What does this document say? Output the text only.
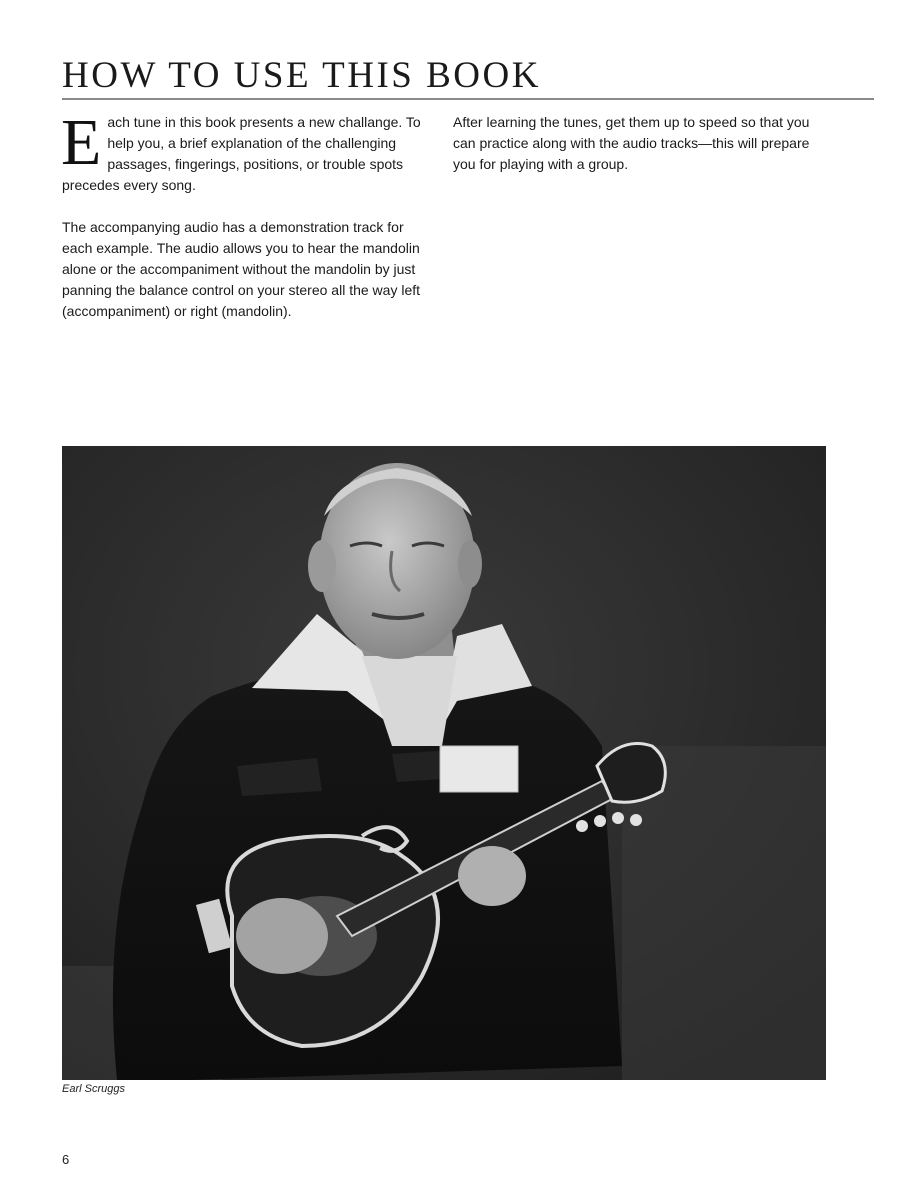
HOW TO USE THIS BOOK

Each tune in this book presents a new challange. To help you, a brief explanation of the challenging passages, fingerings, positions, or trouble spots precedes every song.

The accompanying audio has a demonstration track for each example. The audio allows you to hear the mandolin alone or the accompaniment without the mandolin by just panning the balance control on your stereo all the way left (accompaniment) or right (mandolin).

After learning the tunes, get them up to speed so that you can practice along with the audio tracks—this will prepare you for playing with a group.

Earl Scruggs
6
